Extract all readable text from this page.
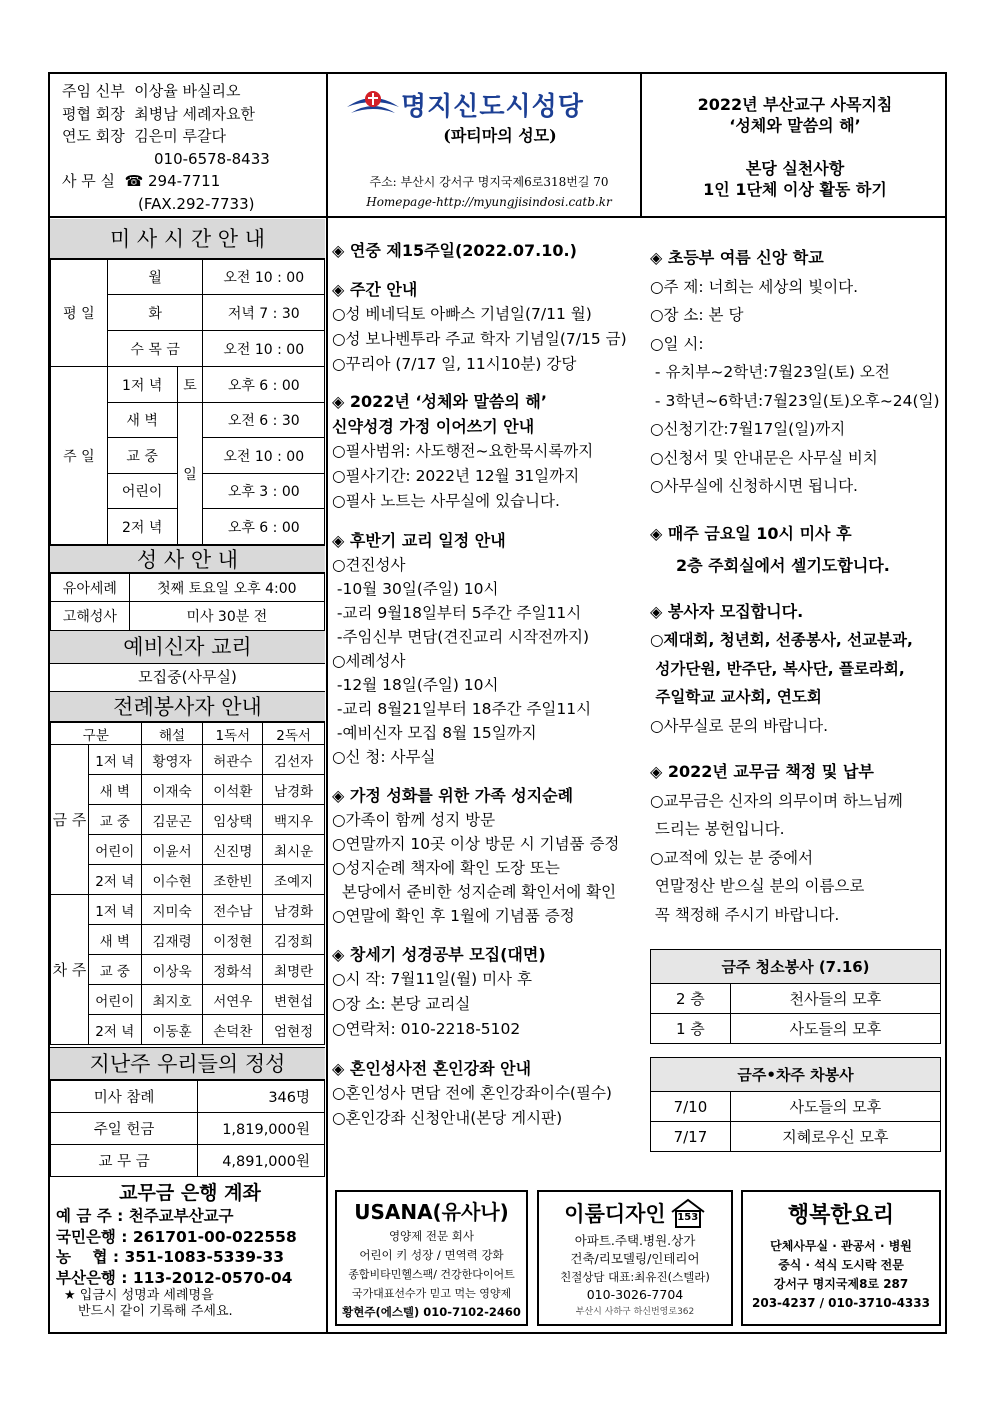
주임 신부 이상율 바실리오
평협 회장 최병남 세례자요한
연도 회장 김은미 루갈다
010-6578-8433
사 무 실 ☎ 294-7711
(FAX.292-7733)
명지신도시성당
(파티마의 성모)
주소: 부산시 강서구 명지국제6로318번길 70
Homepage-http://myungjisindosi.catb.kr
2022년 부산교구 사목지침
‘성체와 말씀의 해’
본당 실천사항
1인 1단체 이상 활동 하기
미 사 시 간 안 내
평 일	월		오전 10 : 00
	화		저녁 7 : 30
	수 목 금		오전 10 : 00
주 일	1저 녁	토	오후 6 : 00
	새 벽	일	오전 6 : 30
	교 중		오전 10 : 00
	어린이		오후 3 : 00
	2저 녁		오후 6 : 00
성 사 안 내
유아세례	첫째 토요일 오후 4:00
고해성사	미사 30분 전
예비신자 교리
모집중(사무실)
전례봉사자 안내
구분		해설	1독서	2독서
금 주	1저 녁	황영자	허관수	김선자
	새 벽	이재숙	이석환	남경화
	교 중	김문곤	임상택	백지우
	어린이	이윤서	신진명	최시운
	2저 녁	이수현	조한빈	조예지
차 주	1저 녁	지미숙	전수남	남경화
	새 벽	김재령	이정현	김정희
	교 중	이상욱	정화석	최명란
	어린이	최지호	서연우	변현섭
	2저 녁	이동훈	손덕찬	엄현정
지난주 우리들의 정성
미사 참례	346명
주일 헌금	1,819,000원
교 무 금	4,891,000원
교무금 은행 계좌
예 금 주 : 천주교부산교구
국민은행 : 261701-00-022558
농    협 : 351-1083-5339-33
부산은행 : 113-2012-0570-04
★ 입금시 성명과 세례명을
반드시 같이 기록해 주세요.
◈ 연중 제15주일(2022.07.10.)
◈ 주간 안내
○성 베네딕토 아빠스 기념일(7/11 월)
○성 보나벤투라 주교 학자 기념일(7/15 금)
○꾸리아 (7/17 일, 11시10분) 강당
◈ 2022년 ‘성체와 말씀의 해’
신약성경 가정 이어쓰기 안내
○필사범위: 사도행전~요한묵시록까지
○필사기간: 2022년 12월 31일까지
○필사 노트는 사무실에 있습니다.
◈ 후반기 교리 일정 안내
○견진성사
-10월 30일(주일) 10시
-교리 9월18일부터 5주간 주일11시
-주임신부 면담(견진교리 시작전까지)
○세례성사
-12월 18일(주일) 10시
-교리 8월21일부터 18주간 주일11시
-예비신자 모집 8월 15일까지
○신 청: 사무실
◈ 가정 성화를 위한 가족 성지순례
○가족이 함께 성지 방문
○연말까지 10곳 이상 방문 시 기념품 증정
○성지순례 책자에 확인 도장 또는
본당에서 준비한 성지순례 확인서에 확인
○연말에 확인 후 1월에 기념품 증정
◈ 창세기 성경공부 모집(대면)
○시 작: 7월11일(월) 미사 후
○장 소: 본당 교리실
○연락처: 010-2218-5102
◈ 혼인성사전 혼인강좌 안내
○혼인성사 면담 전에 혼인강좌이수(필수)
○혼인강좌 신청안내(본당 게시판)
◈ 초등부 여름 신앙 학교
○주 제: 너희는 세상의 빛이다.
○장 소: 본 당
○일 시:
- 유치부~2학년:7월23일(토) 오전
- 3학년~6학년:7월23일(토)오후~24(일)
○신청기간:7월17일(일)까지
○신청서 및 안내문은 사무실 비치
○사무실에 신청하시면 됩니다.
◈ 매주 금요일 10시 미사 후
2층 주회실에서 셀기도합니다.
◈ 봉사자 모집합니다.
○제대회, 청년회, 선종봉사, 선교분과,
성가단원, 반주단, 복사단, 플로라회,
주일학교 교사회, 연도회
○사무실로 문의 바랍니다.
◈ 2022년 교무금 책정 및 납부
○교무금은 신자의 의무이며 하느님께
드리는 봉헌입니다.
○교적에 있는 분 중에서
연말정산 받으실 분의 이름으로
꼭 책정해 주시기 바랍니다.
금주 청소봉사 (7.16)	
2 층	천사들의 모후
1 층	사도들의 모후
금주•차주 차봉사	
7/10	사도들의 모후
7/17	지혜로우신 모후
USANA(유사나)
영양제 전문 회사
어린이 키 성장 / 면역력 강화
종합비타민헬스팩/ 건강한다이어트
국가대표선수가 믿고 먹는 영양제
황현주(에스텔) 010-7102-2460
이룸디자인	153
아파트.주택.병원.상가
건축/리모델링/인테리어
친절상담 대표:최유진(스텔라)
010-3026-7704
부산시 사하구 하신번영로362
행복한요리
단체사무실 · 관공서 · 병원
중식 · 석식 도시락 전문
강서구 명지국제8로 287
203-4237 / 010-3710-4333
